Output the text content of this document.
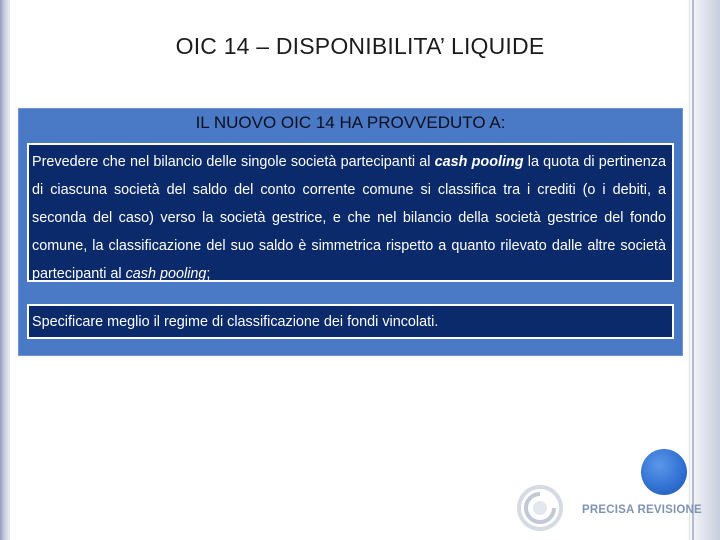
OIC 14 – DISPONIBILITA’ LIQUIDE
IL NUOVO OIC 14 HA PROVVEDUTO A:
Prevedere che nel bilancio delle singole società partecipanti al cash pooling la quota di pertinenza di ciascuna società del saldo del conto corrente comune si classifica tra i crediti (o i debiti, a seconda del caso) verso la società gestrice, e che nel bilancio della società gestrice del fondo comune, la classificazione del suo saldo è simmetrica rispetto a quanto rilevato dalle altre società partecipanti al cash pooling;
Specificare meglio il regime di classificazione dei fondi vincolati.
PRECISA REVISIONE
